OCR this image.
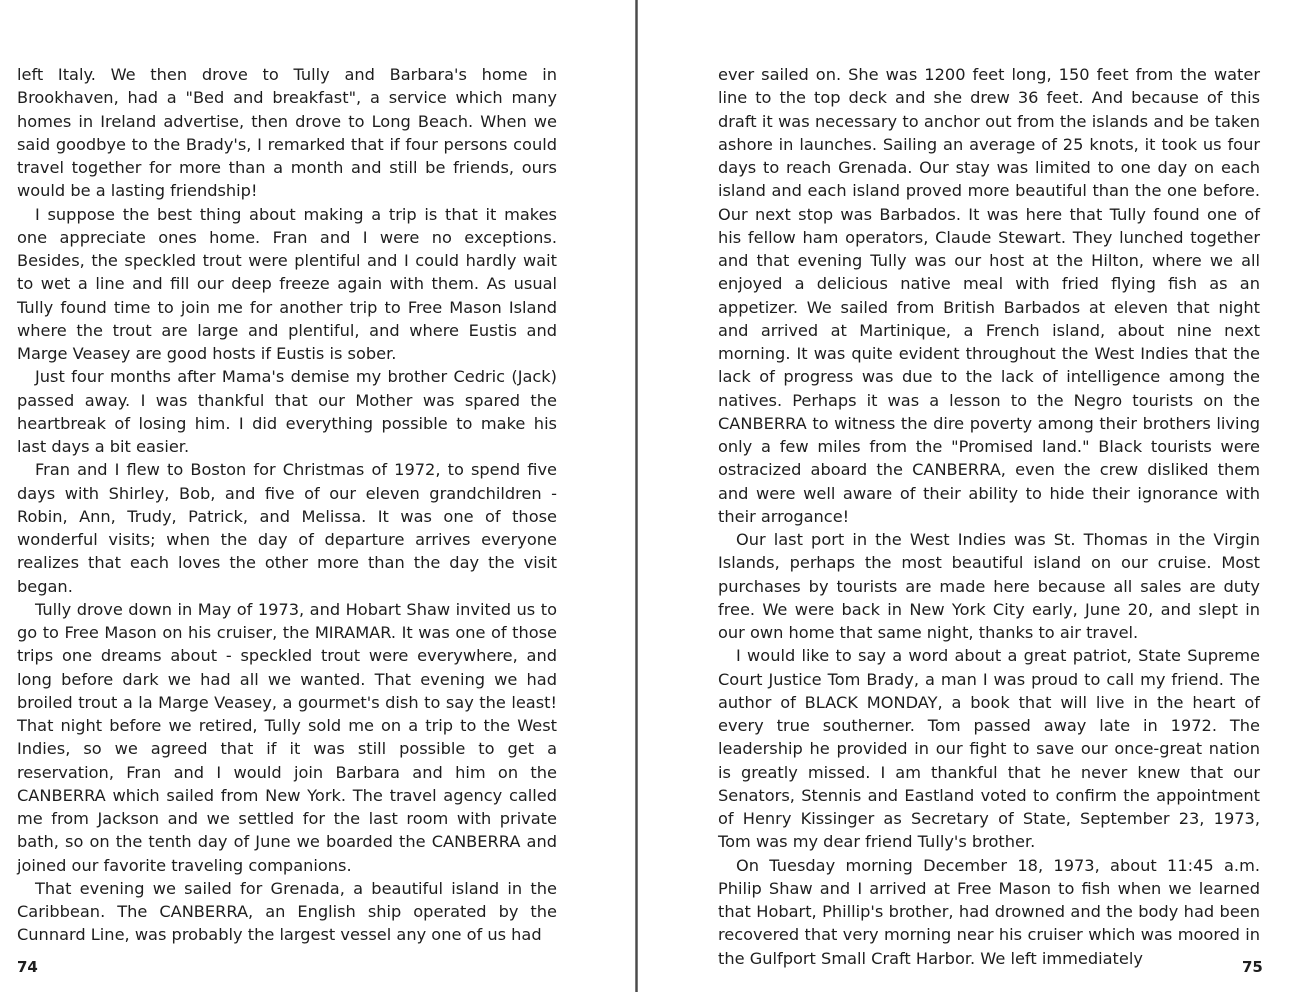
left Italy. We then drove to Tully and Barbara's home in Brookhaven, had a "Bed and breakfast", a service which many homes in Ireland advertise, then drove to Long Beach. When we said goodbye to the Brady's, I remarked that if four persons could travel together for more than a month and still be friends, ours would be a lasting friendship!

I suppose the best thing about making a trip is that it makes one appreciate ones home. Fran and I were no exceptions. Besides, the speckled trout were plentiful and I could hardly wait to wet a line and fill our deep freeze again with them. As usual Tully found time to join me for another trip to Free Mason Island where the trout are large and plentiful, and where Eustis and Marge Veasey are good hosts if Eustis is sober.

Just four months after Mama's demise my brother Cedric (Jack) passed away. I was thankful that our Mother was spared the heartbreak of losing him. I did everything possible to make his last days a bit easier.

Fran and I flew to Boston for Christmas of 1972, to spend five days with Shirley, Bob, and five of our eleven grandchildren - Robin, Ann, Trudy, Patrick, and Melissa. It was one of those wonderful visits; when the day of departure arrives everyone realizes that each loves the other more than the day the visit began.

Tully drove down in May of 1973, and Hobart Shaw invited us to go to Free Mason on his cruiser, the MIRAMAR. It was one of those trips one dreams about - speckled trout were everywhere, and long before dark we had all we wanted. That evening we had broiled trout a la Marge Veasey, a gourmet's dish to say the least! That night before we retired, Tully sold me on a trip to the West Indies, so we agreed that if it was still possible to get a reservation, Fran and I would join Barbara and him on the CANBERRA which sailed from New York. The travel agency called me from Jackson and we settled for the last room with private bath, so on the tenth day of June we boarded the CANBERRA and joined our favorite traveling companions.

That evening we sailed for Grenada, a beautiful island in the Caribbean. The CANBERRA, an English ship operated by the Cunnard Line, was probably the largest vessel any one of us had

74

ever sailed on. She was 1200 feet long, 150 feet from the water line to the top deck and she drew 36 feet. And because of this draft it was necessary to anchor out from the islands and be taken ashore in launches. Sailing an average of 25 knots, it took us four days to reach Grenada. Our stay was limited to one day on each island and each island proved more beautiful than the one before. Our next stop was Barbados. It was here that Tully found one of his fellow ham operators, Claude Stewart. They lunched together and that evening Tully was our host at the Hilton, where we all enjoyed a delicious native meal with fried flying fish as an appetizer. We sailed from British Barbados at eleven that night and arrived at Martinique, a French island, about nine next morning. It was quite evident throughout the West Indies that the lack of progress was due to the lack of intelligence among the natives. Perhaps it was a lesson to the Negro tourists on the CANBERRA to witness the dire poverty among their brothers living only a few miles from the "Promised land." Black tourists were ostracized aboard the CANBERRA, even the crew disliked them and were well aware of their ability to hide their ignorance with their arrogance!

Our last port in the West Indies was St. Thomas in the Virgin Islands, perhaps the most beautiful island on our cruise. Most purchases by tourists are made here because all sales are duty free. We were back in New York City early, June 20, and slept in our own home that same night, thanks to air travel.

I would like to say a word about a great patriot, State Supreme Court Justice Tom Brady, a man I was proud to call my friend. The author of BLACK MONDAY, a book that will live in the heart of every true southerner. Tom passed away late in 1972. The leadership he provided in our fight to save our once-great nation is greatly missed. I am thankful that he never knew that our Senators, Stennis and Eastland voted to confirm the appointment of Henry Kissinger as Secretary of State, September 23, 1973, Tom was my dear friend Tully's brother.

On Tuesday morning December 18, 1973, about 11:45 a.m. Philip Shaw and I arrived at Free Mason to fish when we learned that Hobart, Phillip's brother, had drowned and the body had been recovered that very morning near his cruiser which was moored in the Gulfport Small Craft Harbor. We left immediately	75
